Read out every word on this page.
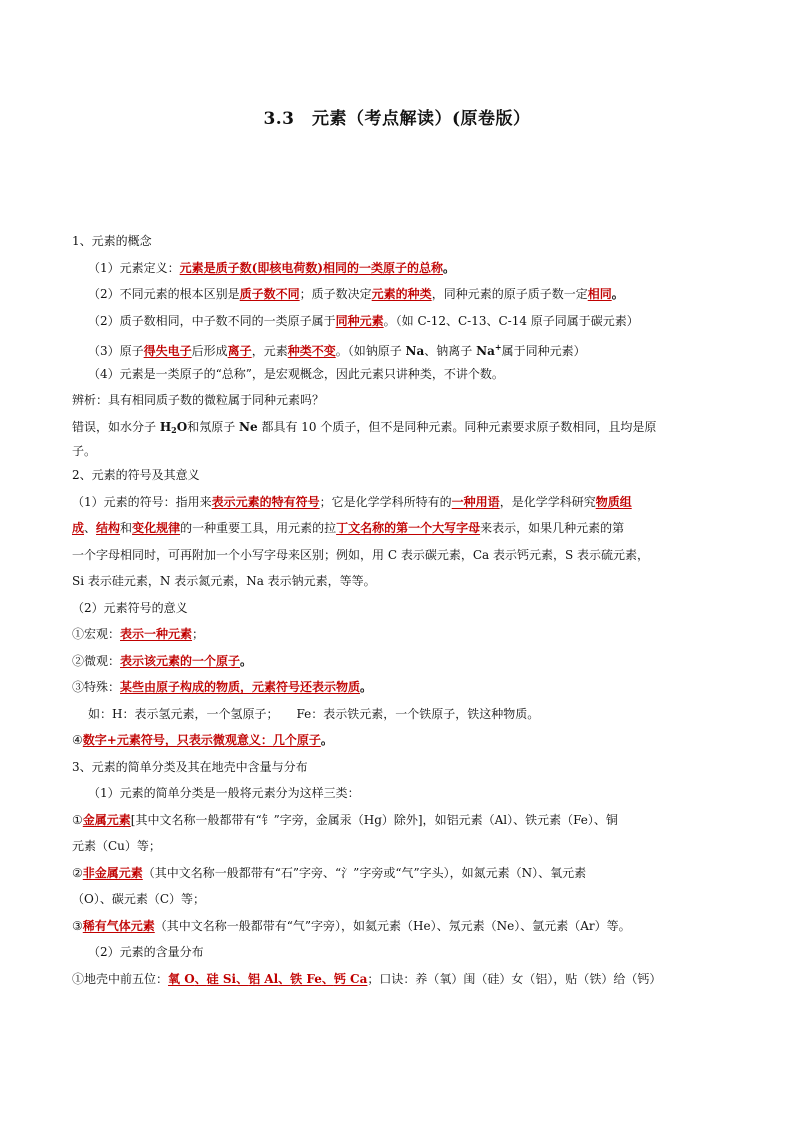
3.3　元素（考点解读）(原卷版）
1、元素的概念
（1）元素定义：元素是质子数(即核电荷数)相同的一类原子的总称。
（2）不同元素的根本区别是质子数不同；质子数决定元素的种类，同种元素的原子质子数一定相同。
（2）质子数相同，中子数不同的一类原子属于同种元素。（如 C-12、C-13、C-14 原子同属于碳元素）
（3）原子得失电子后形成离子，元素种类不变。（如钠原子 Na、钠离子 Na+属于同种元素）
（4）元素是一类原子的“总称”，是宏观概念，因此元素只讲种类，不讲个数。
辨析：具有相同质子数的微粒属于同种元素吗？
错误，如水分子 $H_2O$和氖原子 Ne 都具有 10 个质子，但不是同种元素。同种元素要求原子数相同，且均是原
子。
2、元素的符号及其意义
（1）元素的符号：指用来表示元素的特有符号；它是化学学科所特有的一种用语，是化学学科研究物质组
成、结构和变化规律的一种重要工具，用元素的拉丁文名称的第一个大写字母来表示，如果几种元素的第
一个字母相同时，可再附加一个小写字母来区别；例如，用 C 表示碳元素，Ca 表示钙元素，S 表示硫元素，
Si 表示硅元素，N 表示氮元素，Na 表示钠元素，等等。
（2）元素符号的意义
①宏观：表示一种元素；
②微观：表示该元素的一个原子。
③特殊：某些由原子构成的物质，元素符号还表示物质。
如：H：表示氢元素，一个氢原子；　　Fe：表示铁元素，一个铁原子，铁这种物质。
④数字+元素符号，只表示微观意义：几个原子。
3、元素的简单分类及其在地壳中含量与分布
（1）元素的简单分类是一般将元素分为这样三类：
①金属元素[其中文名称一般都带有“钅”字旁，金属汞（Hg）除外]，如铝元素（Al）、铁元素（Fe）、铜
元素（Cu）等；
②非金属元素（其中文名称一般都带有“石”字旁、“氵”字旁或“气”字头），如氮元素（N）、氧元素
（O）、碳元素（C）等；
③稀有气体元素（其中文名称一般都带有“气”字旁），如氦元素（He）、氖元素（Ne）、氩元素（Ar）等。
（2）元素的含量分布
①地壳中前五位：氧 O、硅 Si、铝 Al、铁 Fe、钙 Ca；口诀：养（氧）闺（硅）女（铝），贴（铁）给（钙）
